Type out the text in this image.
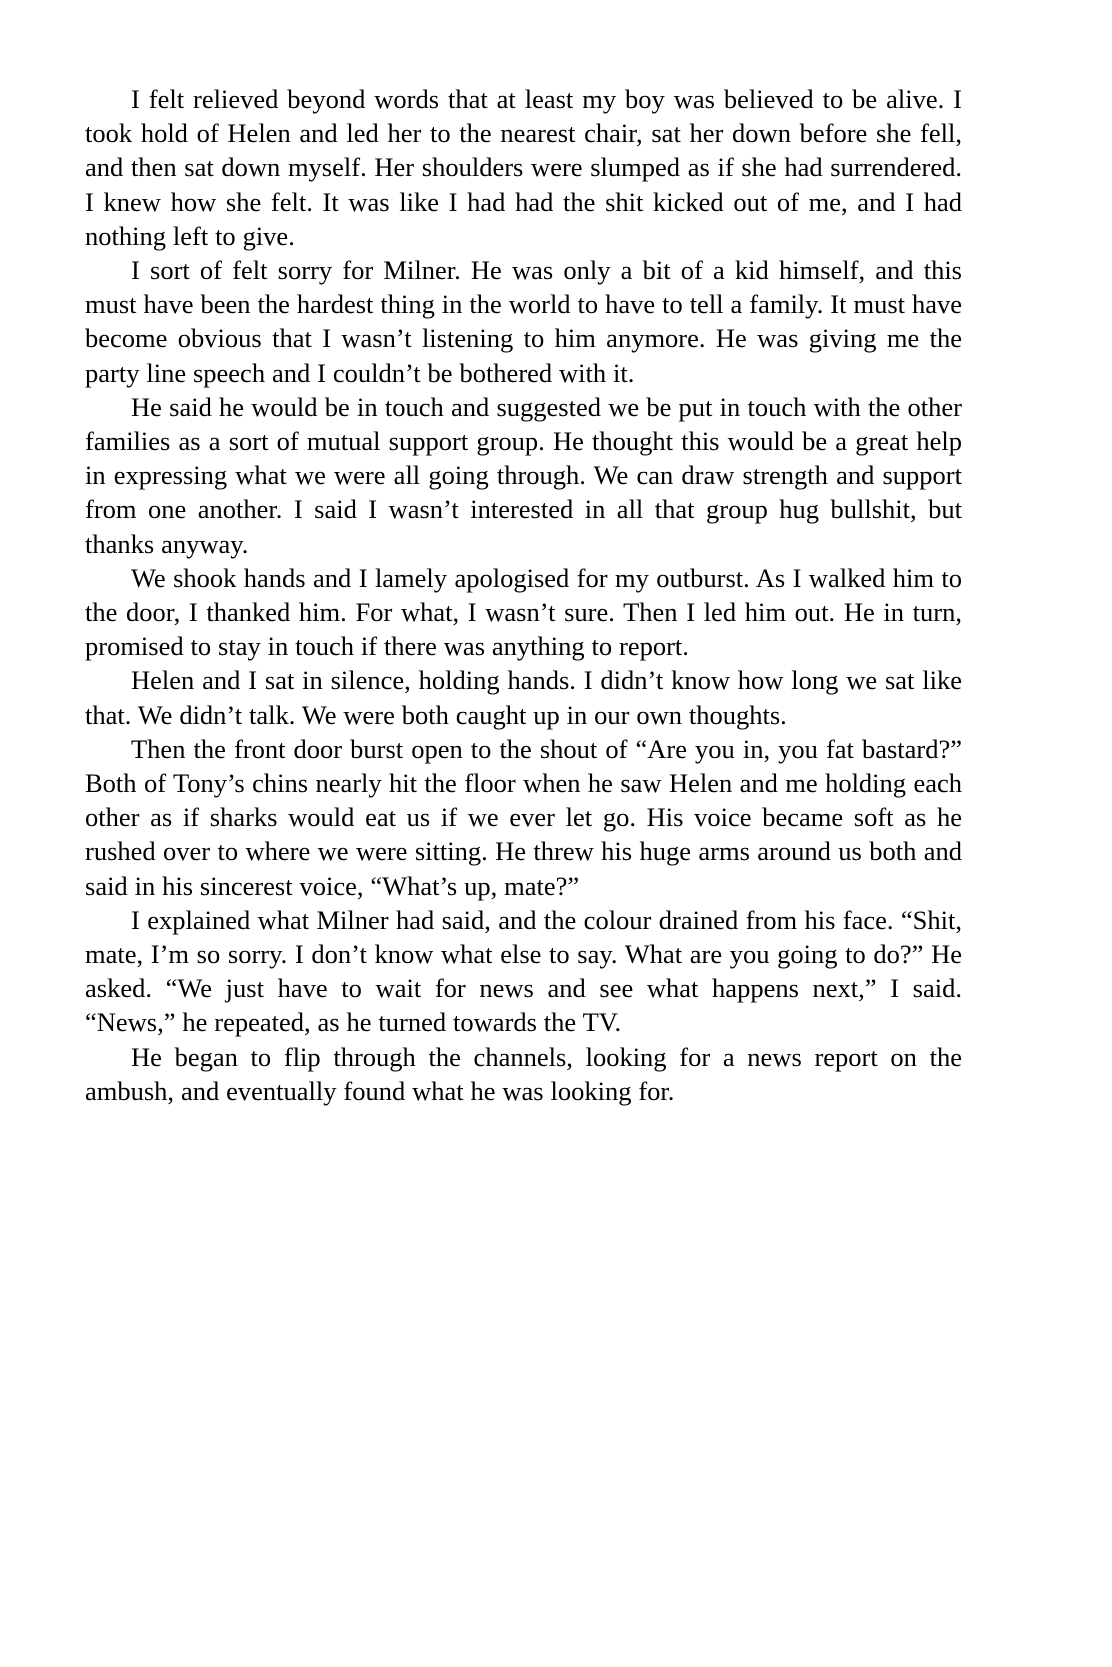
I felt relieved beyond words that at least my boy was believed to be alive. I took hold of Helen and led her to the nearest chair, sat her down before she fell, and then sat down myself. Her shoulders were slumped as if she had surrendered. I knew how she felt. It was like I had had the shit kicked out of me, and I had nothing left to give.

I sort of felt sorry for Milner. He was only a bit of a kid himself, and this must have been the hardest thing in the world to have to tell a family. It must have become obvious that I wasn’t listening to him anymore. He was giving me the party line speech and I couldn’t be bothered with it.

He said he would be in touch and suggested we be put in touch with the other families as a sort of mutual support group. He thought this would be a great help in expressing what we were all going through. We can draw strength and support from one another. I said I wasn’t interested in all that group hug bullshit, but thanks anyway.

We shook hands and I lamely apologised for my outburst. As I walked him to the door, I thanked him. For what, I wasn’t sure. Then I led him out. He in turn, promised to stay in touch if there was anything to report.

Helen and I sat in silence, holding hands. I didn’t know how long we sat like that. We didn’t talk. We were both caught up in our own thoughts.

Then the front door burst open to the shout of “Are you in, you fat bastard?” Both of Tony’s chins nearly hit the floor when he saw Helen and me holding each other as if sharks would eat us if we ever let go. His voice became soft as he rushed over to where we were sitting. He threw his huge arms around us both and said in his sincerest voice, “What’s up, mate?”

I explained what Milner had said, and the colour drained from his face. “Shit, mate, I’m so sorry. I don’t know what else to say. What are you going to do?” He asked. “We just have to wait for news and see what happens next,” I said. “News,” he repeated, as he turned towards the TV.

He began to flip through the channels, looking for a news report on the ambush, and eventually found what he was looking for.
